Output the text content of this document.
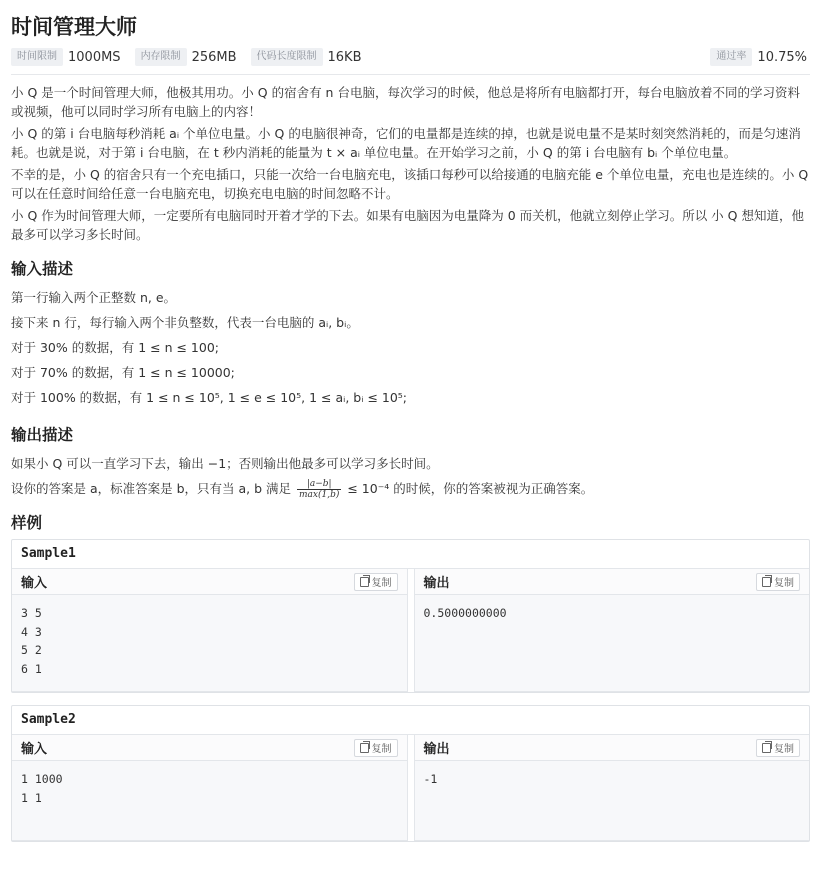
时间管理大师
时间限制 1000MS	内存限制 256MB	代码长度限制 16KB	通过率 10.75%

小 Q 是一个时间管理大师，他极其用功。小 Q 的宿舍有 n 台电脑，每次学习的时候，他总是将所有电脑都打开，每台电脑放着不同的学习资料或视频，他可以同时学习所有电脑上的内容！

小 Q 的第 i 台电脑每秒消耗 aᵢ 个单位电量。小 Q 的电脑很神奇，它们的电量都是连续的掉，也就是说电量不是某时刻突然消耗的，而是匀速消耗。也就是说，对于第 i 台电脑，在 t 秒内消耗的能量为 t × aᵢ 单位电量。在开始学习之前，小 Q 的第 i 台电脑有 bᵢ 个单位电量。

不幸的是，小 Q 的宿舍只有一个充电插口，只能一次给一台电脑充电，该插口每秒可以给接通的电脑充能 e 个单位电量，充电也是连续的。小 Q 可以在任意时间给任意一台电脑充电，切换充电电脑的时间忽略不计。

小 Q 作为时间管理大师，一定要所有电脑同时开着才学的下去。如果有电脑因为电量降为 0 而关机，他就立刻停止学习。所以 小 Q 想知道，他最多可以学习多长时间。

输入描述

第一行输入两个正整数 n, e。

接下来 n 行，每行输入两个非负整数，代表一台电脑的 aᵢ, bᵢ。

对于 30% 的数据，有 1 ≤ n ≤ 100;

对于 70% 的数据，有 1 ≤ n ≤ 10000;

对于 100% 的数据，有 1 ≤ n ≤ 10⁵, 1 ≤ e ≤ 10⁵, 1 ≤ aᵢ, bᵢ ≤ 10⁵;

输出描述

如果小 Q 可以一直学习下去，输出 −1；否则输出他最多可以学习多长时间。

设你的答案是 a，标准答案是 b，只有当 a, b 满足 $\frac{|a-b|}{\max(1,b)} \le 10^{-4}$ 的时候，你的答案被视为正确答案。

样例
Sample1
输入	复制
3 5
4 3
5 2
6 1
输出	复制
0.5000000000
Sample2
输入	复制
1 1000
1 1
输出	复制
-1
